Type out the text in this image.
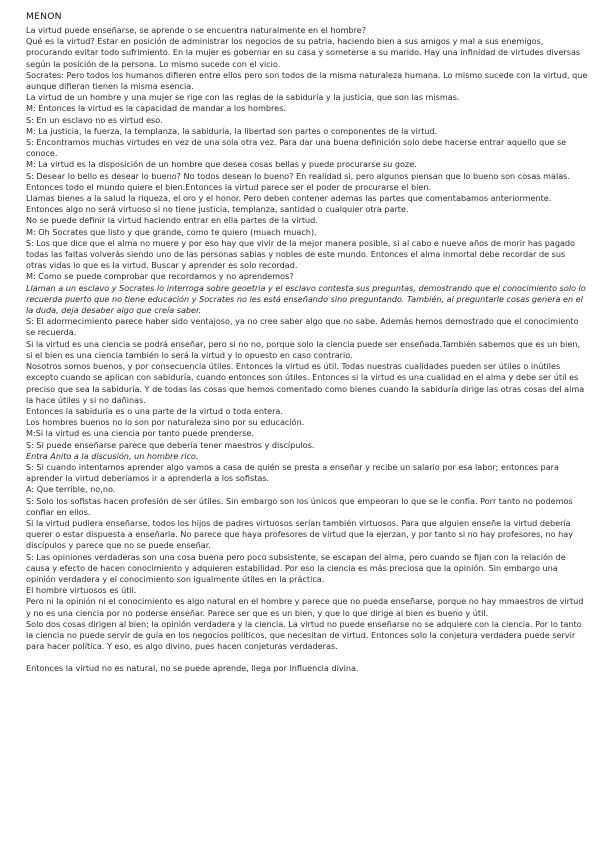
MENON

La virtud puede enseñarse, se aprende o se encuentra naturalmente en el hombre?

Qué es la virtud? Estar en posición de administrar los negocios de su patria, haciendo bien a sus amigos y mal a sus enemigos, procurando evitar todo sufrimiento. En la mujer es gobernar en su casa y someterse a su marido. Hay una infinidad de virtudes diversas según la posición de la persona. Lo mismo sucede con el vicio.

Socrates: Pero todos los humanos difieren entre ellos pero son todos de la misma naturaleza humana. Lo mismo sucede con la virtud, que aunque difieran tienen la misma esencia.

La virtud de un hombre y una mujer se rige con las reglas de la sabiduría y la justicia, que son las mismas.

M: Entonces la virtud es la capacidad de mandar a los hombres.

S: En un esclavo no es virtud eso.

M: La justicia, la fuerza, la templanza, la sabiduría, la libertad son partes o componentes de la virtud.

S: Encontramos muchas virtudes en vez de una sola otra vez. Para dar una buena definición solo debe hacerse entrar aquello que se conoce.

M: La virtud es la disposición de un hombre que desea cosas bellas y puede procurarse su goze.

S: Desear lo bello es desear lo bueno? No todos desean lo bueno? En realidad si, pero algunos piensan que lo bueno son cosas malas. Entonces todo el mundo quiere el bien.Entonces la virtud parece ser el poder de procurarse el bien.

Llamas bienes a la salud la riqueza, el oro y el honor. Pero deben contener ademas las partes que comentabamos anteriormente. Entonces algo no será virtuoso si no tiene justicia, templanza, santidad o cualquier otra parte.

No se puede definir la virtud haciendo entrar en ella partes de la virtud.

M: Oh Socrates que listo y que grande, como te quiero (muach muach).

S: Los que dice que el alma no muere y por eso hay que vivir de la mejor manera posible, si al cabo e nueve años de morir has pagado todas las faltas volverás siendo uno de las personas sabias y nobles de este mundo. Entonces el alma inmortal debe recordar de sus otras vidas lo que es la virtud. Buscar y aprender es solo recordad.

M: Como se puede comprobar que recordamos y no aprendemos?

Llaman a un esclavo y Socrates lo interroga sobre geoetria y el esclavo contesta sus preguntas, demostrando que el conocimiento solo lo recuerda puerto que no tiene educación y Socrates no les está enseñando sino preguntando. También, al preguntarle cosas genera en el la duda, deja desaber algo que creía saber.

S: El adormecimiento parece haber sido ventajoso, ya no cree saber algo que no sabe. Además hemos demostrado que el conocimiento se recuerda.

Si la virtud es una ciencia se podrá enseñar, pero si no no, porque solo la ciencia puede ser enseñada.También sabemos que es un bien, si el bien es una ciencia también lo será la virtud y lo opuesto en caso contrario.

Nosotros somos buenos, y por consecuencia útiles. Entonces la virtud es útil. Todas nuestras cualidades pueden ser útiles o inútiles excepto cuando se aplican con sabiduría, cuando entonces son útiles. Entonces si la virtud es una cualidad en el alma y debe ser útil es preciso que sea la sabiduría. Y de todas las cosas que hemos comentado como bienes cuando la sabiduría dirige las otras cosas del alma la hace útiles y si no dañinas.

Entonces la sabiduría es o una parte de la virtud o toda entera.

Los hombres buenos no lo son por naturaleza sino por su educación.

M:Si la virtud es una ciencia por tanto puede prenderse.

S: Si puede enseñarse parece que debería tener maestros y discípulos.

Entra Anito a la discusión, un hombre rico.

S: Si cuando intentamos aprender algo vamos a casa de quién se presta a enseñar y recibe un salario por esa labor; entonces para aprender la virtud deberíamos ir a aprenderla a los sofistas.

A: Que terrible, no,no.

S: Solo los sofistas hacen profesión de ser útiles. Sin embargo son los únicos que empeoran lo que se le confía. Porr tanto no podemos confiar en ellos.

Si la virtud pudiera enseñarse, todos los hijos de padres virtuosos serían también virtuosos. Para que alguien enseñe la virtud debería querer o estar dispuesta a enseñarla. No parece que haya profesores de virtud que la ejerzan, y por tanto si no hay profesores, no hay discípulos y parece que no se puede enseñar.

S: Las opiniones verdaderas son una cosa buena pero poco subsistente, se escapan del alma, pero cuando se fijan con la relación de causa y efecto de hacen conocimiento y adquieren estabilidad. Por eso la ciencia es más preciosa que la opinión. Sin embargo una opinión verdadera y el conocimiento son igualmente útiles en la práctica.

El hombre virtuosos es útil.

Pero ni la opinión ni el conocimiento es algo natural en el hombre y parece que no pueda enseñarse, porque no hay mmaestros de virtud y no es una ciencia por no poderse enseñar. Parece ser que es un bien, y que lo que dirige al bien es bueno y útil.

Solo dos cosas dirigen al bien; la opinión verdadera y la ciencia. La virtud no puede enseñarse no se adquiere con la ciencia. Por lo tanto la ciencia no puede servir de guía en los negocios políticos, que necesitan de virtud. Entonces solo la conjetura verdadera puede servir para hacer política. Y eso, es algo divino, pues hacen conjeturas verdaderas.

Entonces la virtud no es natural, no se puede aprende, llega por influencia divina.
